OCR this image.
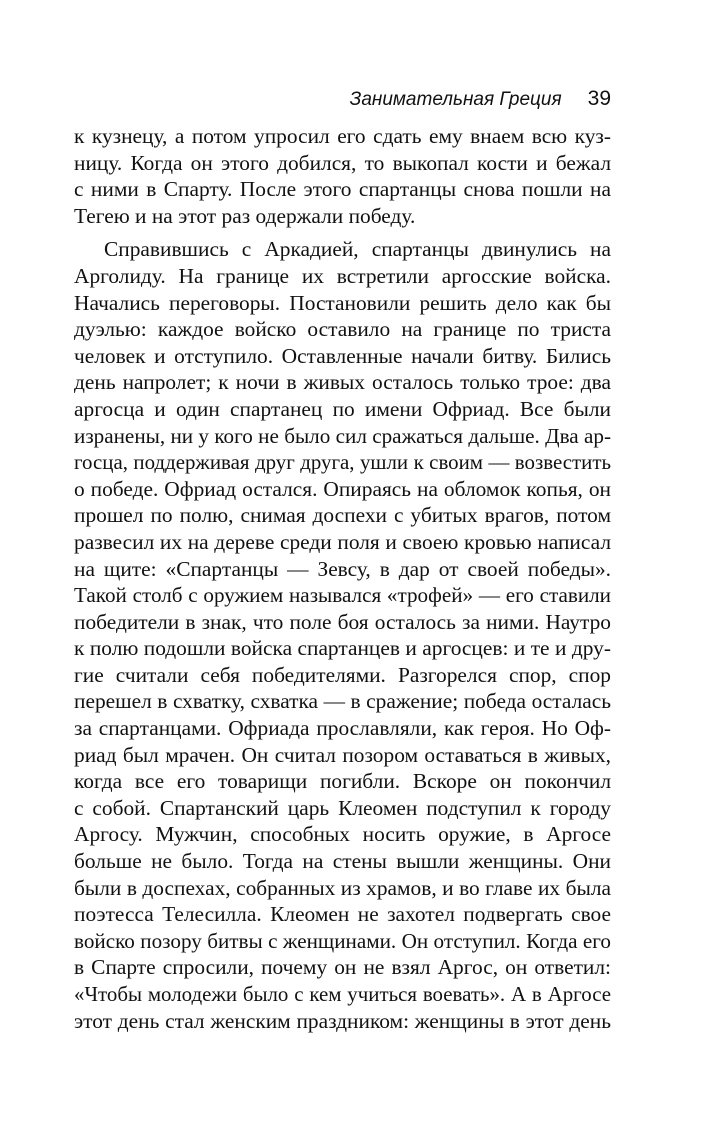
Занимательная Греция 39
к кузнецу, а потом упросил его сдать ему внаем всю куз-
ницу. Когда он этого добился, то выкопал кости и бежал
с ними в Спарту. После этого спартанцы снова пошли на
Тегею и на этот раз одержали победу.
Справившись с Аркадией, спартанцы двинулись на
Арголиду. На границе их встретили аргосские войска.
Начались переговоры. Постановили решить дело как бы
дуэлью: каждое войско оставило на границе по триста
человек и отступило. Оставленные начали битву. Бились
день напролет; к ночи в живых осталось только трое: два
аргосца и один спартанец по имени Офриад. Все были
изранены, ни у кого не было сил сражаться дальше. Два ар-
госца, поддерживая друг друга, ушли к своим — возвестить
о победе. Офриад остался. Опираясь на обломок копья, он
прошел по полю, снимая доспехи с убитых врагов, потом
развесил их на дереве среди поля и своею кровью написал
на щите: «Спартанцы — Зевсу, в дар от своей победы».
Такой столб с оружием назывался «трофей» — его ставили
победители в знак, что поле боя осталось за ними. Наутро
к полю подошли войска спартанцев и аргосцев: и те и дру-
гие считали себя победителями. Разгорелся спор, спор
перешел в схватку, схватка — в сражение; победа осталась
за спартанцами. Офриада прославляли, как героя. Но Оф-
риад был мрачен. Он считал позором оставаться в живых,
когда все его товарищи погибли. Вскоре он покончил
с собой. Спартанский царь Клеомен подступил к городу
Аргосу. Мужчин, способных носить оружие, в Аргосе
больше не было. Тогда на стены вышли женщины. Они
были в доспехах, собранных из храмов, и во главе их была
поэтесса Телесилла. Клеомен не захотел подвергать свое
войско позору битвы с женщинами. Он отступил. Когда его
в Спарте спросили, почему он не взял Аргос, он ответил:
«Чтобы молодежи было с кем учиться воевать». А в Аргосе
этот день стал женским праздником: женщины в этот день
